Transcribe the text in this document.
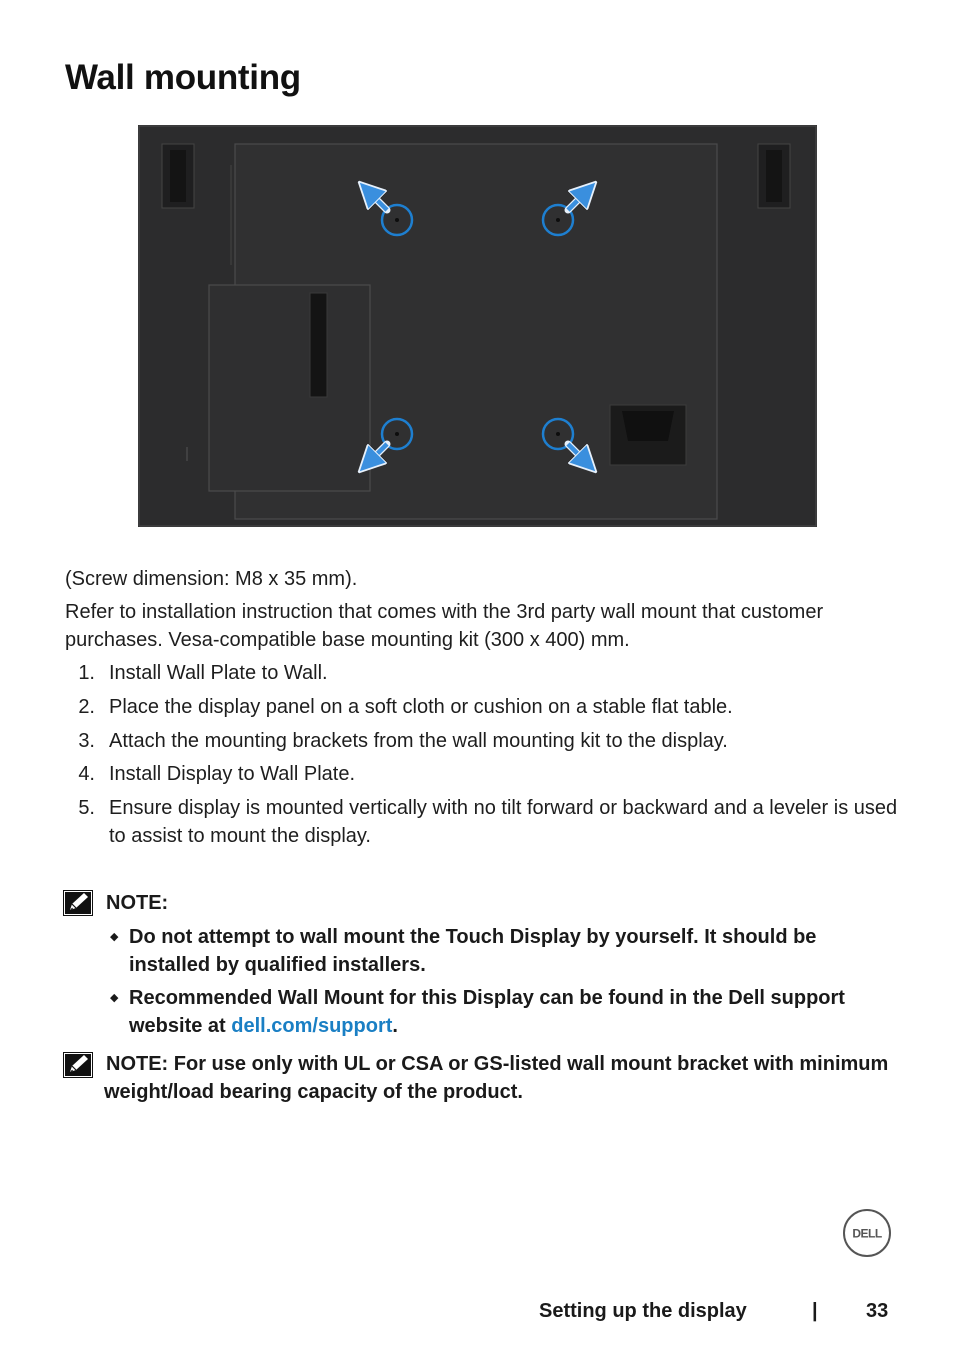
Wall mounting
(Screw dimension: M8 x 35 mm).
Refer to installation instruction that comes with the 3rd party wall mount that customer purchases. Vesa-compatible base mounting kit (300 x 400) mm.
1. Install Wall Plate to Wall.
2. Place the display panel on a soft cloth or cushion on a stable flat table.
3. Attach the mounting brackets from the wall mounting kit to the display.
4. Install Display to Wall Plate.
5. Ensure display is mounted vertically with no tilt forward or backward and a leveler is used to assist to mount the display.
NOTE:
◆ Do not attempt to wall mount the Touch Display by yourself. It should be installed by qualified installers.
◆ Recommended Wall Mount for this Display can be found in the Dell support website at dell.com/support.
NOTE: For use only with UL or CSA or GS-listed wall mount bracket with minimum weight/load bearing capacity of the product.
DELL
Setting up the display	| 33
